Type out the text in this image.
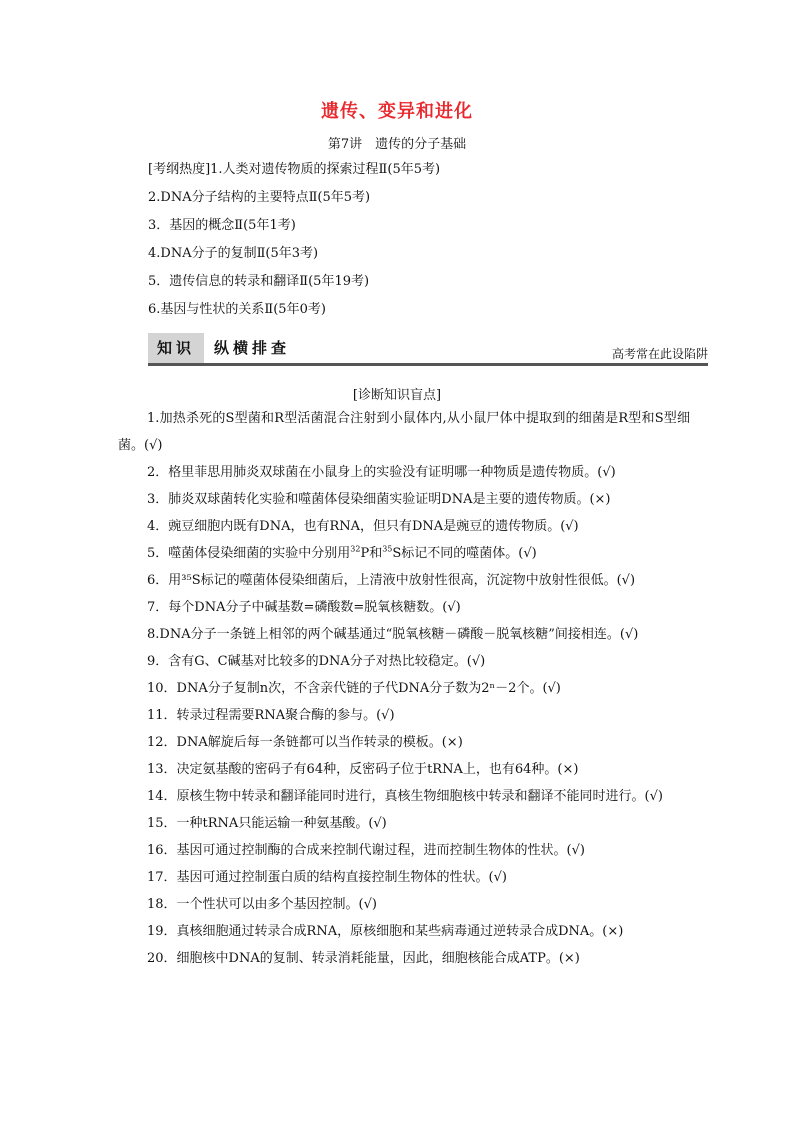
遗传、变异和进化
第7讲　遗传的分子基础
[考纲热度]1.人类对遗传物质的探索过程Ⅱ(5年5考)
2.DNA分子结构的主要特点Ⅱ(5年5考)
3．基因的概念Ⅱ(5年1考)
4.DNA分子的复制Ⅱ(5年3考)
5．遗传信息的转录和翻译Ⅱ(5年19考)
6.基因与性状的关系Ⅱ(5年0考)
知识	纵横排查	高考常在此设陷阱
[诊断知识盲点]
1.加热杀死的S型菌和R型活菌混合注射到小鼠体内,从小鼠尸体中提取到的细菌是R型和S型细菌。(√)
2．格里菲思用肺炎双球菌在小鼠身上的实验没有证明哪一种物质是遗传物质。(√)
3．肺炎双球菌转化实验和噬菌体侵染细菌实验证明DNA是主要的遗传物质。(×)
4．豌豆细胞内既有DNA，也有RNA，但只有DNA是豌豆的遗传物质。(√)
5．噬菌体侵染细菌的实验中分别用$^{32}$P和$^{35}$S标记不同的噬菌体。(√)
6．用³⁵S标记的噬菌体侵染细菌后，上清液中放射性很高，沉淀物中放射性很低。(√)
7．每个DNA分子中碱基数=磷酸数=脱氧核糖数。(√)
8.DNA分子一条链上相邻的两个碱基通过“脱氧核糖－磷酸－脱氧核糖”间接相连。(√)
9．含有G、C碱基对比较多的DNA分子对热比较稳定。(√)
10．DNA分子复制n次，不含亲代链的子代DNA分子数为2ⁿ－2个。(√)
11．转录过程需要RNA聚合酶的参与。(√)
12．DNA解旋后每一条链都可以当作转录的模板。(×)
13．决定氨基酸的密码子有64种，反密码子位于tRNA上，也有64种。(×)
14．原核生物中转录和翻译能同时进行，真核生物细胞核中转录和翻译不能同时进行。(√)
15．一种tRNA只能运输一种氨基酸。(√)
16．基因可通过控制酶的合成来控制代谢过程，进而控制生物体的性状。(√)
17．基因可通过控制蛋白质的结构直接控制生物体的性状。(√)
18．一个性状可以由多个基因控制。(√)
19．真核细胞通过转录合成RNA，原核细胞和某些病毒通过逆转录合成DNA。(×)
20．细胞核中DNA的复制、转录消耗能量，因此，细胞核能合成ATP。(×)
